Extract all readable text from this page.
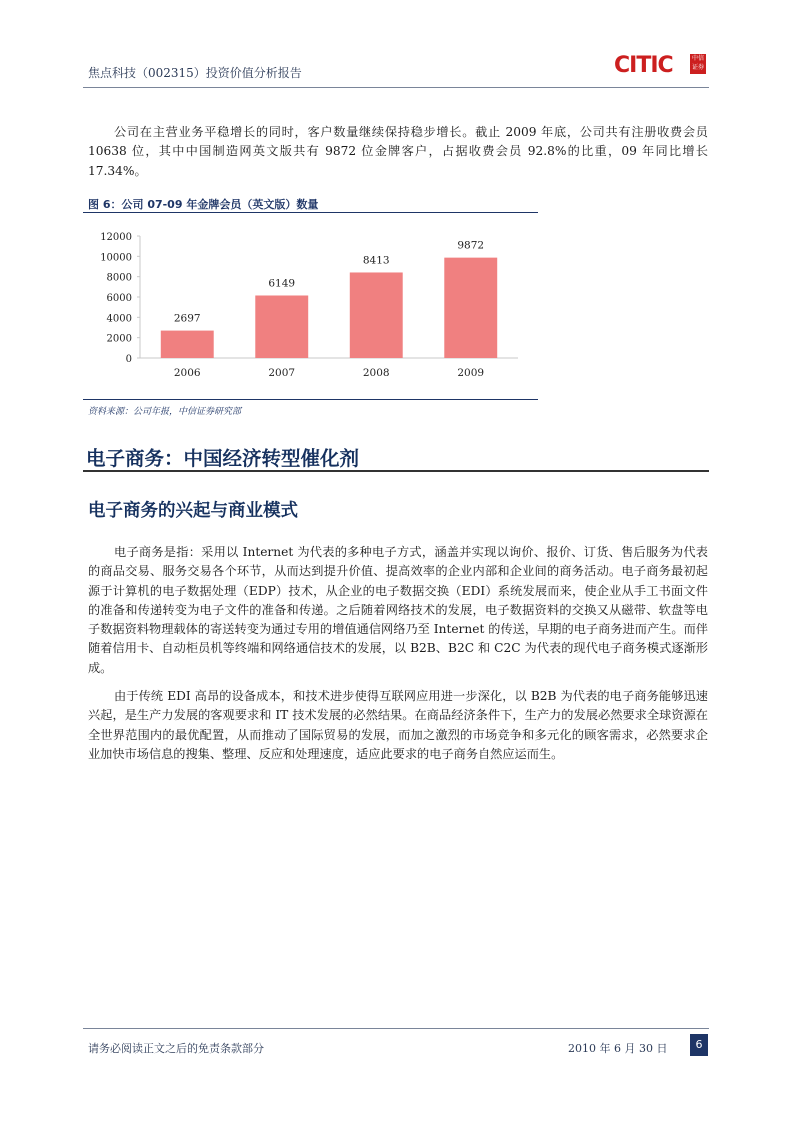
焦点科技（002315）投资价值分析报告	CITIC	中信证券

公司在主营业务平稳增长的同时，客户数量继续保持稳步增长。截止 2009 年底，公司共有注册收费会员 10638 位，其中中国制造网英文版共有 9872 位金牌客户，占据收费会员 92.8%的比重，09 年同比增长 17.34%。

图 6：公司 07-09 年金牌会员（英文版）数量
0
2000
4000
6000
8000
10000
12000
2697
2006
6149
2007
8413
2008
9872
2009
资料来源：公司年报，中信证券研究部
电子商务：中国经济转型催化剂
电子商务的兴起与商业模式

电子商务是指：采用以 Internet 为代表的多种电子方式，涵盖并实现以询价、报价、订货、售后服务为代表的商品交易、服务交易各个环节，从而达到提升价值、提高效率的企业内部和企业间的商务活动。电子商务最初起源于计算机的电子数据处理（EDP）技术，从企业的电子数据交换（EDI）系统发展而来，使企业从手工书面文件的准备和传递转变为电子文件的准备和传递。之后随着网络技术的发展，电子数据资料的交换又从磁带、软盘等电子数据资料物理载体的寄送转变为通过专用的增值通信网络乃至 Internet 的传送，早期的电子商务进而产生。而伴随着信用卡、自动柜员机等终端和网络通信技术的发展，以 B2B、B2C 和 C2C 为代表的现代电子商务模式逐渐形成。

由于传统 EDI 高昂的设备成本，和技术进步使得互联网应用进一步深化，以 B2B 为代表的电子商务能够迅速兴起，是生产力发展的客观要求和 IT 技术发展的必然结果。在商品经济条件下，生产力的发展必然要求全球资源在全世界范围内的最优配置，从而推动了国际贸易的发展，而加之激烈的市场竞争和多元化的顾客需求，必然要求企业加快市场信息的搜集、整理、反应和处理速度，适应此要求的电子商务自然应运而生。

请务必阅读正文之后的免责条款部分	2010 年 6 月 30 日	6
